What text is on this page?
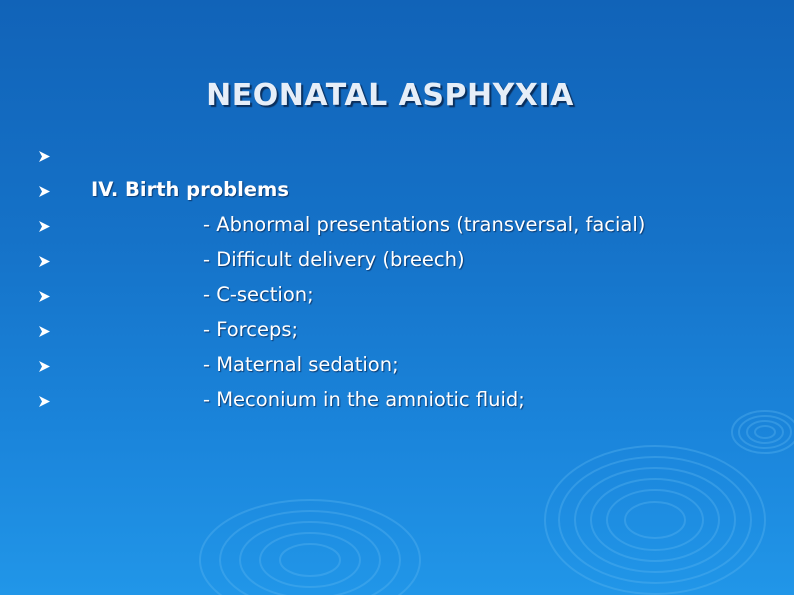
NEONATAL ASPHYXIA
IV. Birth problems
- Abnormal presentations (transversal, facial)
- Difficult delivery (breech)
- C-section;
- Forceps;
- Maternal sedation;
- Meconium in the amniotic fluid;
